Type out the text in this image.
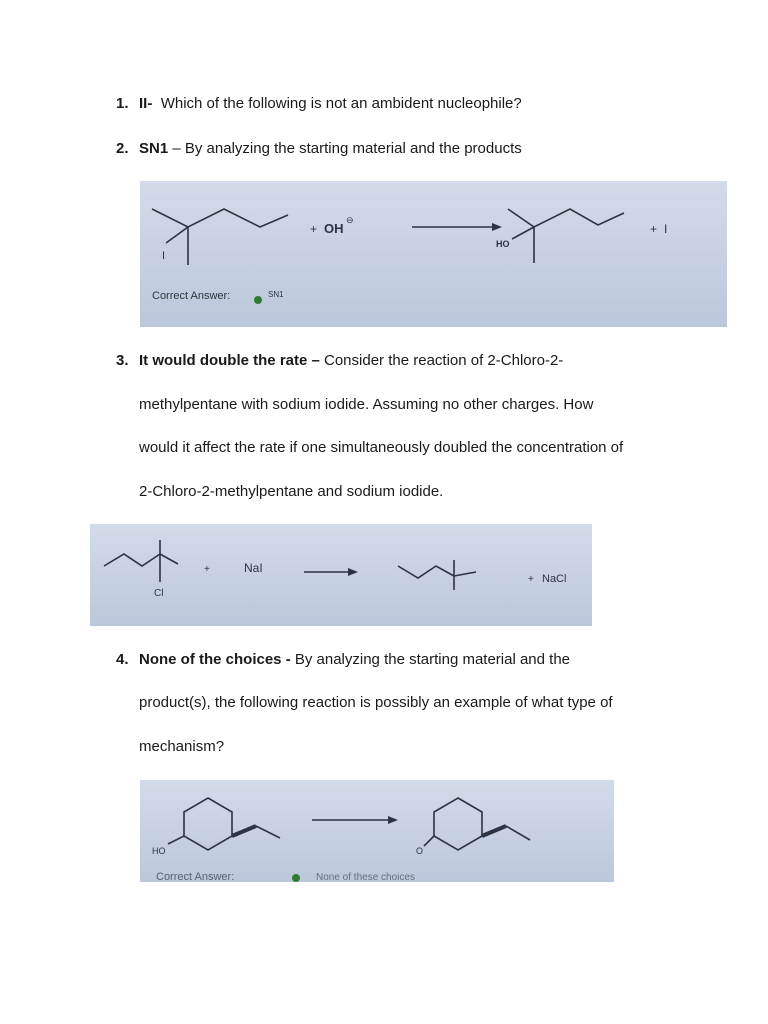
1. II- Which of the following is not an ambident nucleophile?
2. SN1 – By analyzing the starting material and the products
I
+ OH
⊖
HO
+ I
Correct Answer:	SN1
3. It would double the rate – Consider the reaction of 2-Chloro-2-
methylpentane with sodium iodide. Assuming no other charges. How
would it affect the rate if one simultaneously doubled the concentration of
2-Chloro-2-methylpentane and sodium iodide.
Cl
+	NaI
+ NaCl
4. None of the choices - By analyzing the starting material and the
product(s), the following reaction is possibly an example of what type of
mechanism?
HO	O
Correct Answer:	None of these choices
